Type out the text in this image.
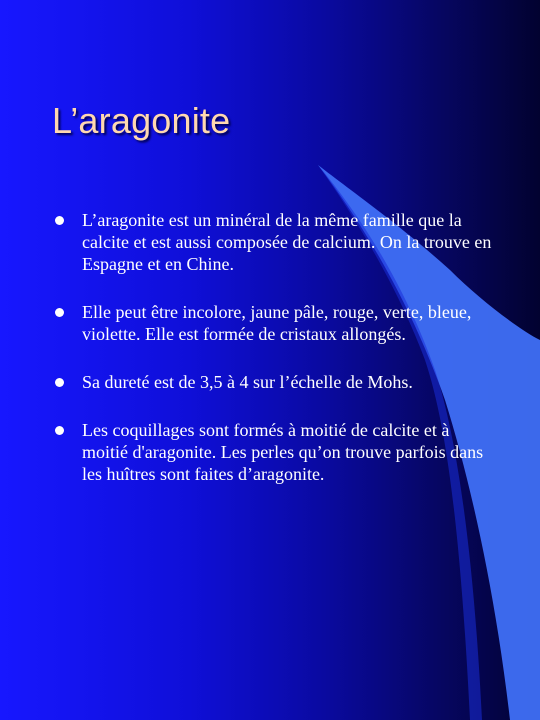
L’aragonite
L’aragonite est un minéral de la même famille que la calcite et est aussi composée de calcium. On la trouve en Espagne et en Chine.
Elle peut être incolore, jaune pâle, rouge, verte, bleue, violette. Elle est formée de cristaux allongés.
Sa dureté est de 3,5 à 4 sur l’échelle de Mohs.
Les coquillages sont formés à moitié de calcite et à moitié d'aragonite. Les perles qu’on trouve parfois dans les huîtres sont faites d’aragonite.
